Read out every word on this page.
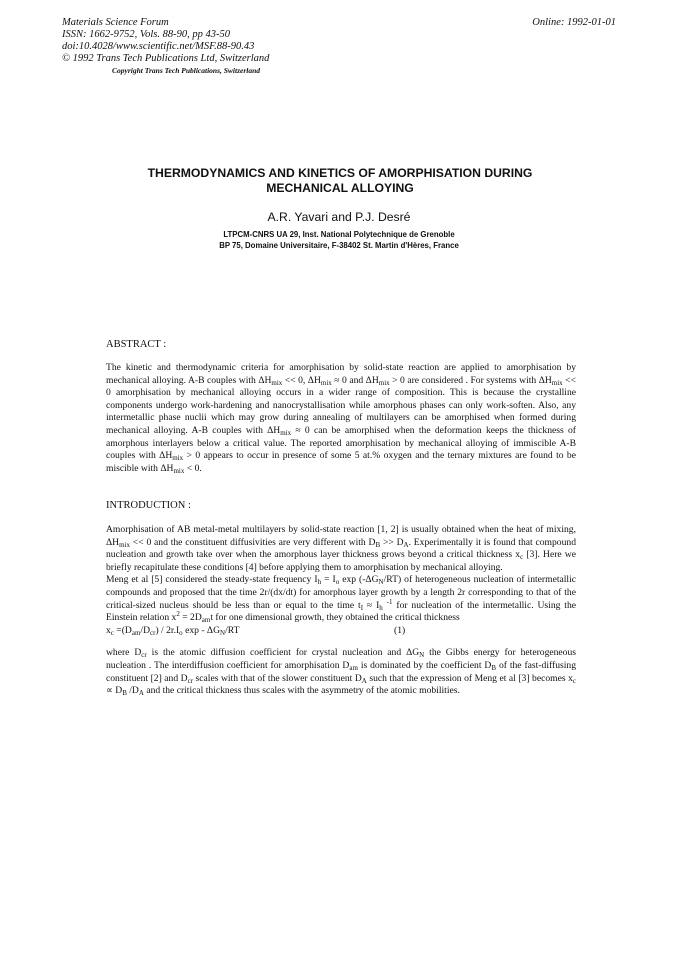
Materials Science Forum
ISSN: 1662-9752, Vols. 88-90, pp 43-50
doi:10.4028/www.scientific.net/MSF.88-90.43
© 1992 Trans Tech Publications Ltd, Switzerland
Online: 1992-01-01
Copyright Trans Tech Publications, Switzerland
THERMODYNAMICS AND KINETICS OF AMORPHISATION DURING
MECHANICAL ALLOYING
A.R. Yavari and P.J. Desré
LTPCM-CNRS UA 29, Inst. National Polytechnique de Grenoble
BP 75, Domaine Universitaire, F-38402 St. Martin d'Hères, France
ABSTRACT :

The kinetic and thermodynamic criteria for amorphisation by solid-state reaction are applied to amorphisation by mechanical alloying. A-B couples with $\Delta H_{mix} << 0$, $\Delta H_{mix} \approx 0$ and $\Delta H_{mix} > 0$ are considered . For systems with $\Delta H_{mix} << 0$ amorphisation by mechanical alloying occurs in a wider range of composition. This is because the crystalline components undergo work-hardening and nanocrystallisation while amorphous phases can only work-soften. Also, any intermetallic phase nuclii which may grow during annealing of multilayers can be amorphised when formed during mechanical alloying. A-B couples with $\Delta H_{mix} \approx 0$ can be amorphised when the deformation keeps the thickness of amorphous interlayers below a critical value. The reported amorphisation by mechanical alloying of immiscible A-B couples with $\Delta H_{mix} > 0$ appears to occur in presence of some 5 at.% oxygen and the ternary mixtures are found to be miscible with $\Delta H_{mix} < 0$.

INTRODUCTION :

Amorphisation of AB metal-metal multilayers by solid-state reaction [1, 2] is usually obtained when the heat of mixing, $\Delta H_{mix} << 0$ and the constituent diffusivities are very different with $D_B >> D_A$. Experimentally it is found that compound nucleation and growth take over when the amorphous layer thickness grows beyond a critical thickness $x_c$ [3]. Here we briefly recapitulate these conditions [4] before applying them to amorphisation by mechanical alloying.

Meng et al [5] considered the steady-state frequency $I_h = I_o$ $\exp (-\Delta G_N/RT)$ of heterogeneous nucleation of intermetallic compounds and proposed that the time 2r/(dx/dt) for amorphous layer growth by a length 2r corresponding to that of the critical-sized nucleus should be less than or equal to the time $t_I \approx I_h$ $^{-1}$ for nucleation of the intermetallic. Using the Einstein relation $x^2 = 2D_{am}t$ for one dimensional growth, they obtained the critical thickness

$x_c =(D_{am}/D_{cr}) / 2r.I_o$ exp - $\Delta G_N/RT$	(1)

where $D_{cr}$ is the atomic diffusion coefficient for crystal nucleation and $\Delta G_N$ the Gibbs energy for heterogeneous nucleation . The interdiffusion coefficient for amorphisation $D_{am}$ is dominated by the coefficient $D_B$ of the fast-diffusing constituent [2] and $D_{cr}$ scales with that of the slower constituent $D_A$ such that the expression of Meng et al [3] becomes $x_c \propto D_B$ $/D_A$ and the critical thickness thus scales with the asymmetry of the atomic mobilities.
